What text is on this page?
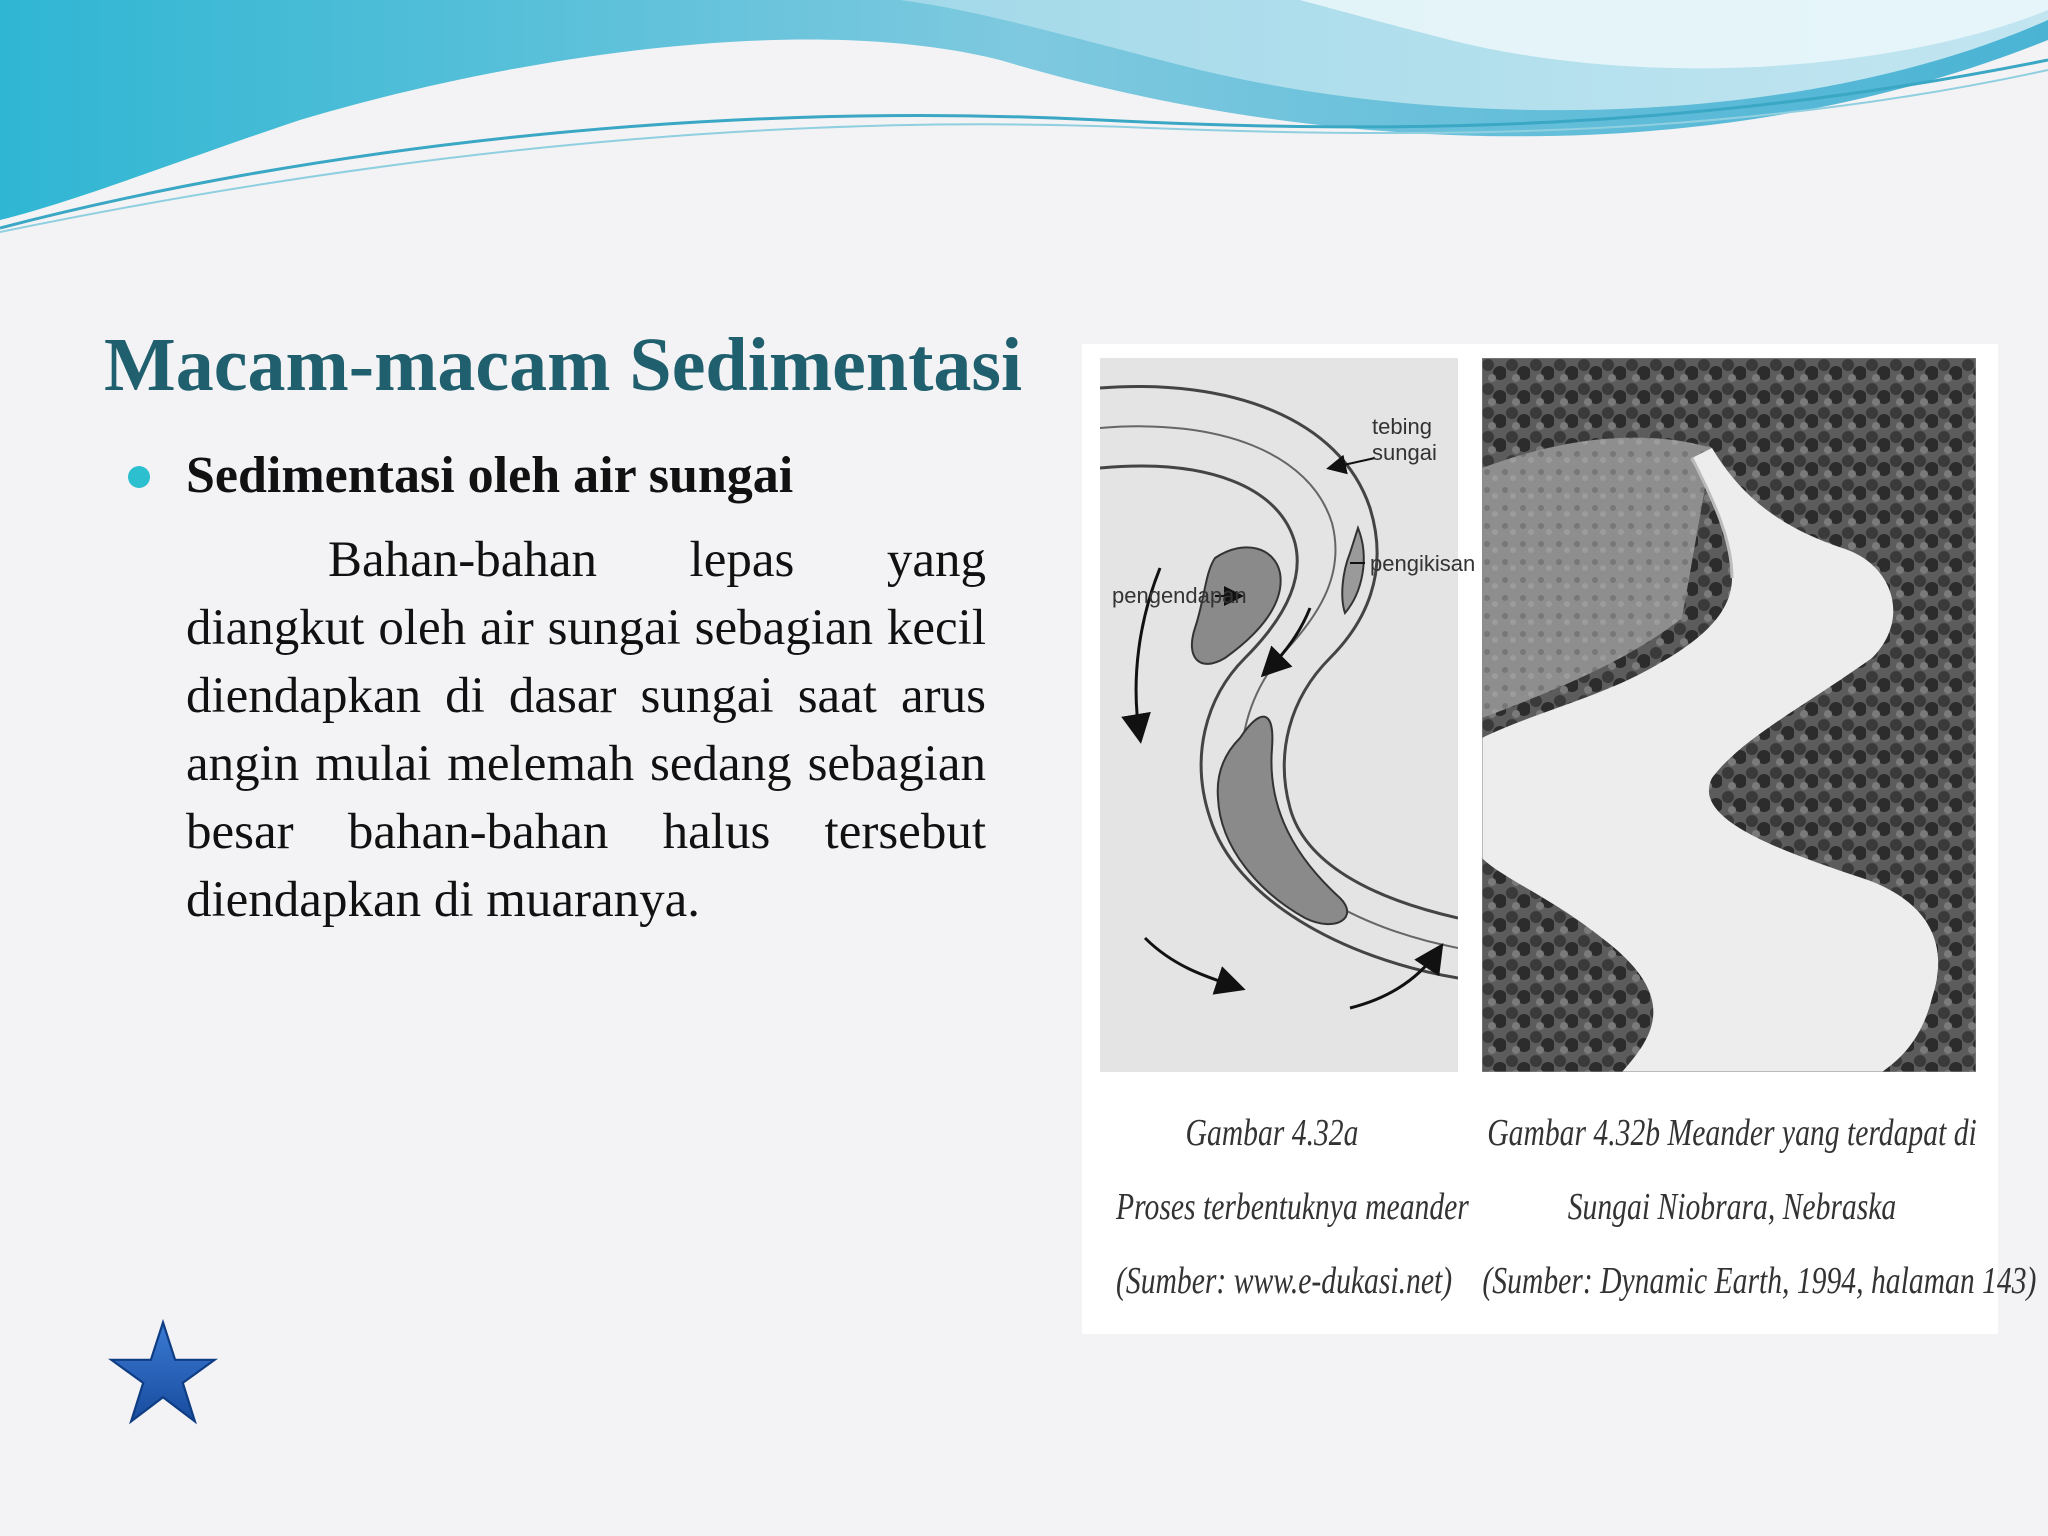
Macam-macam Sedimentasi
Sedimentasi oleh air sungai

Bahan-bahan lepas yang diangkut oleh air sungai sebagian kecil diendapkan di dasar sungai saat arus angin mulai melemah sedang sebagian besar bahan-bahan halus tersebut diendapkan di muaranya.

tebing
sungai
pengikisan
pengendapan
Gambar 4.32a
Proses terbentuknya meander
(Sumber: www.e-dukasi.net)
Gambar 4.32b Meander yang terdapat di
Sungai Niobrara, Nebraska
(Sumber: Dynamic Earth, 1994, halaman 143)
